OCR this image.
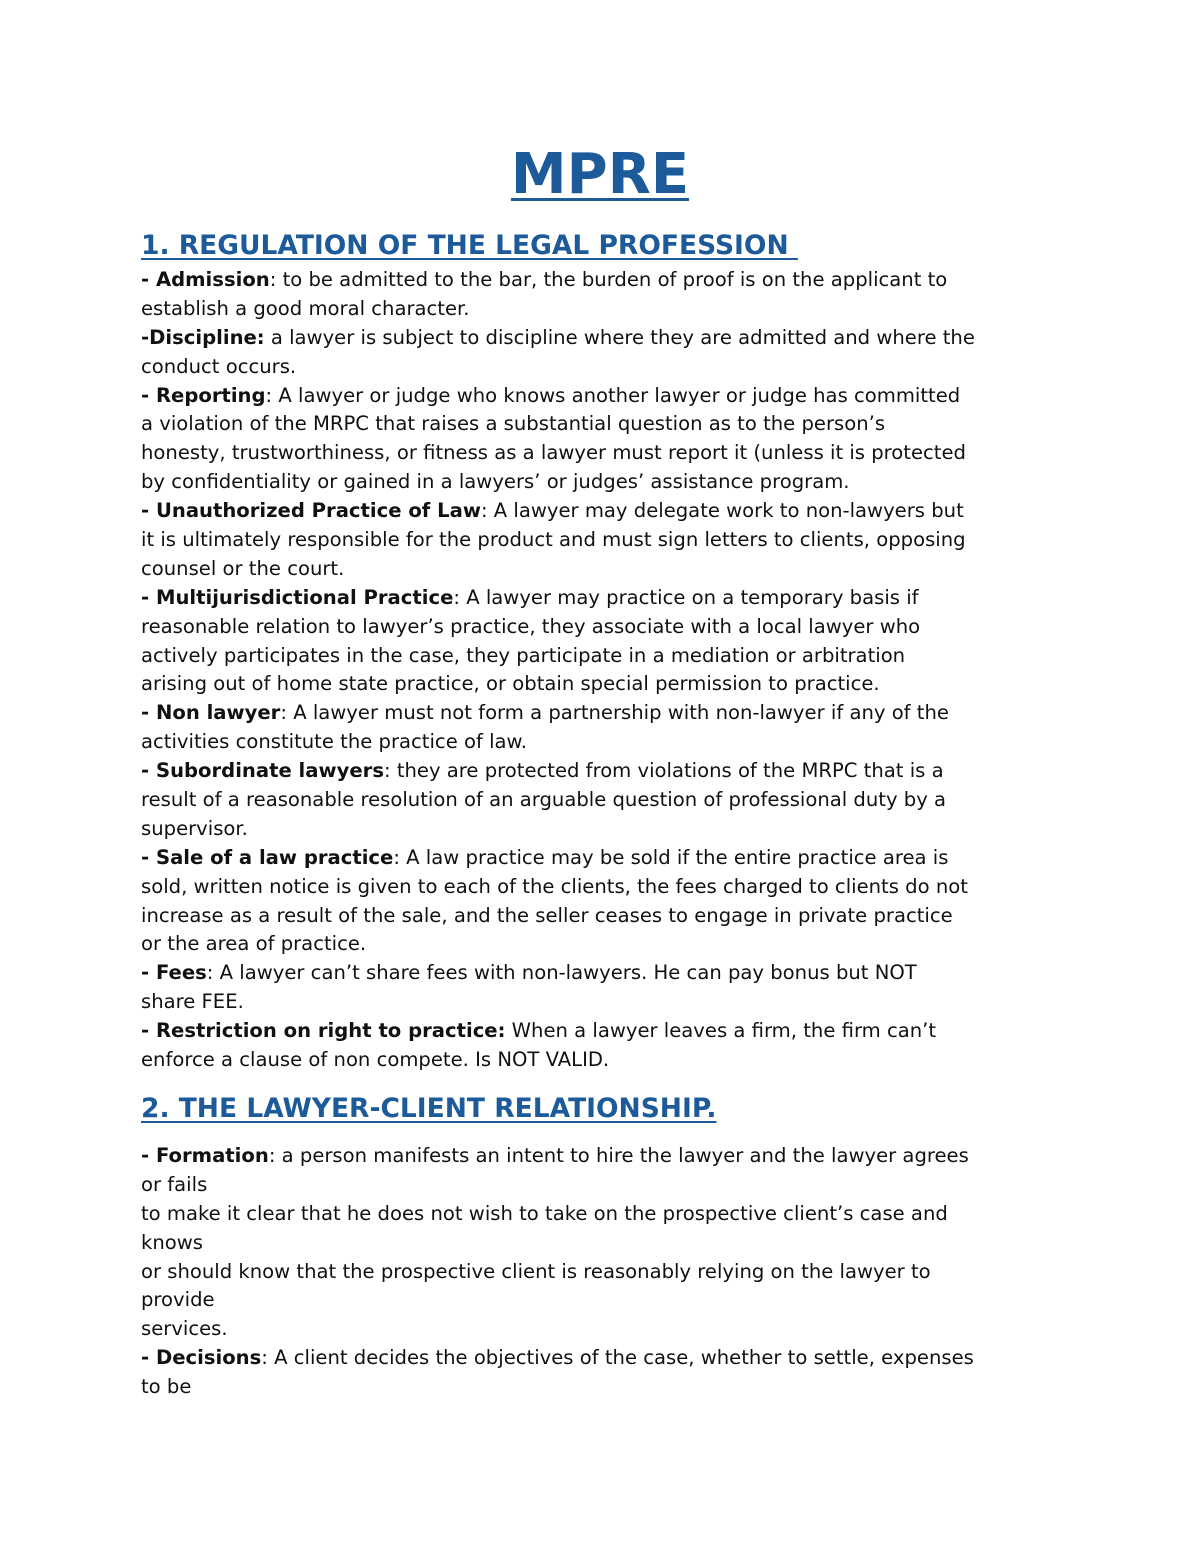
MPRE
1. REGULATION OF THE LEGAL PROFESSION
- Admission: to be admitted to the bar, the burden of proof is on the applicant to
establish a good moral character.
-Discipline: a lawyer is subject to discipline where they are admitted and where the
conduct occurs.
- Reporting: A lawyer or judge who knows another lawyer or judge has committed
a violation of the MRPC that raises a substantial question as to the person’s
honesty, trustworthiness, or fitness as a lawyer must report it (unless it is protected
by confidentiality or gained in a lawyers’ or judges’ assistance program.
- Unauthorized Practice of Law: A lawyer may delegate work to non-lawyers but
it is ultimately responsible for the product and must sign letters to clients, opposing
counsel or the court.
- Multijurisdictional Practice: A lawyer may practice on a temporary basis if
reasonable relation to lawyer’s practice, they associate with a local lawyer who
actively participates in the case, they participate in a mediation or arbitration
arising out of home state practice, or obtain special permission to practice.
- Non lawyer: A lawyer must not form a partnership with non-lawyer if any of the
activities constitute the practice of law.
- Subordinate lawyers: they are protected from violations of the MRPC that is a
result of a reasonable resolution of an arguable question of professional duty by a
supervisor.
- Sale of a law practice: A law practice may be sold if the entire practice area is
sold, written notice is given to each of the clients, the fees charged to clients do not
increase as a result of the sale, and the seller ceases to engage in private practice
or the area of practice.
- Fees: A lawyer can’t share fees with non-lawyers. He can pay bonus but NOT
share FEE.
- Restriction on right to practice: When a lawyer leaves a firm, the firm can’t
enforce a clause of non compete. Is NOT VALID.
2. THE LAWYER-CLIENT RELATIONSHIP.
- Formation: a person manifests an intent to hire the lawyer and the lawyer agrees
or fails
to make it clear that he does not wish to take on the prospective client’s case and
knows
or should know that the prospective client is reasonably relying on the lawyer to
provide
services.
- Decisions: A client decides the objectives of the case, whether to settle, expenses
to be
